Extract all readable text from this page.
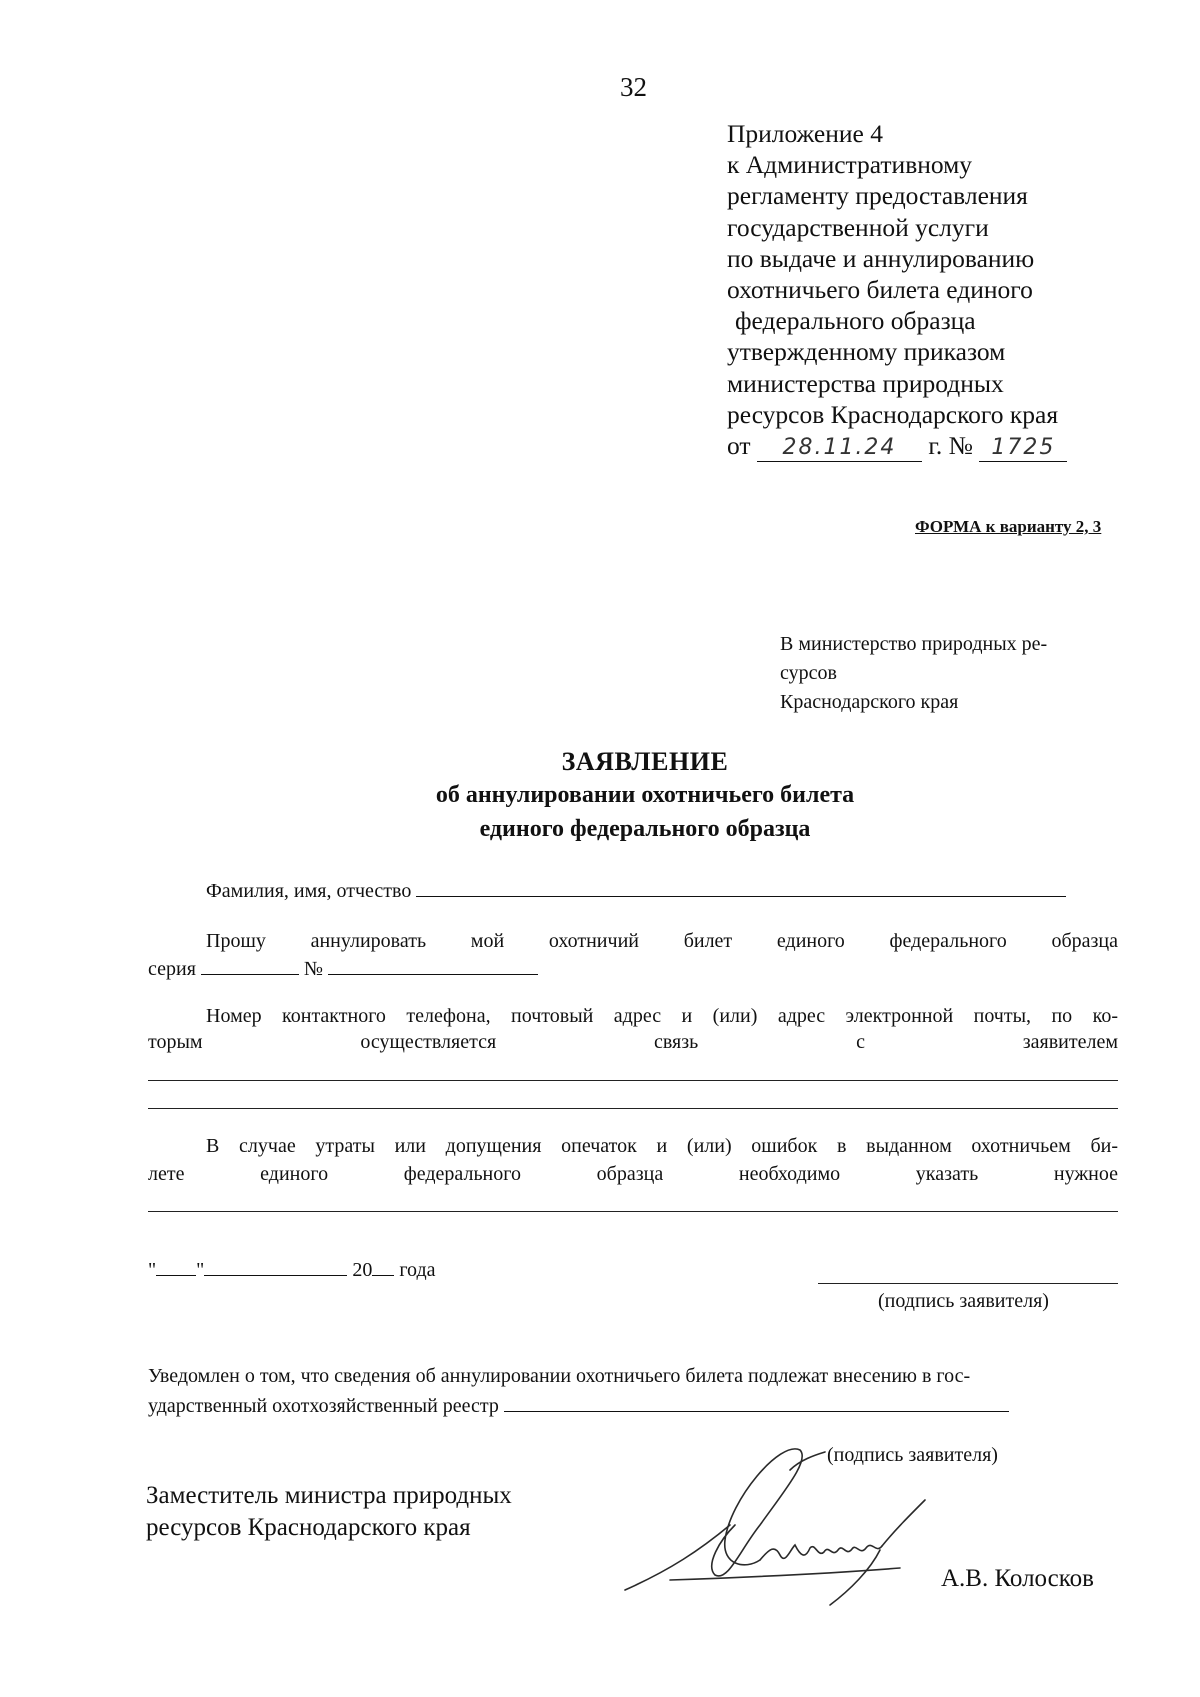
32
Приложение 4
к Административному
регламенту предоставления
государственной услуги
по выдаче и аннулированию
охотничьего билета единого
федерального образца
утвержденному приказом
министерства природных
ресурсов Краснодарского края
от 28.11.24 г. № 1725
ФОРМА к варианту 2, 3
В министерство природных ре-
сурсов
Краснодарского края
ЗАЯВЛЕНИЕ
об аннулировании охотничьего билета
единого федерального образца
Фамилия, имя, отчество
Прошу аннулировать мой охотничий билет единого федерального образца
серия	№
Номер контактного телефона, почтовый адрес и (или) адрес электронной почты, по ко-
торым осуществляется связь с заявителем
В случае утраты или допущения опечаток и (или) ошибок в выданном охотничьем би-
лете единого федерального образца необходимо указать нужное
" "	20 года
(подпись заявителя)
Уведомлен о том, что сведения об аннулировании охотничьего билета подлежат внесению в гос-
ударственный охотхозяйственный реестр
(подпись заявителя)
Заместитель министра природных
ресурсов Краснодарского края
А.В. Колосков
